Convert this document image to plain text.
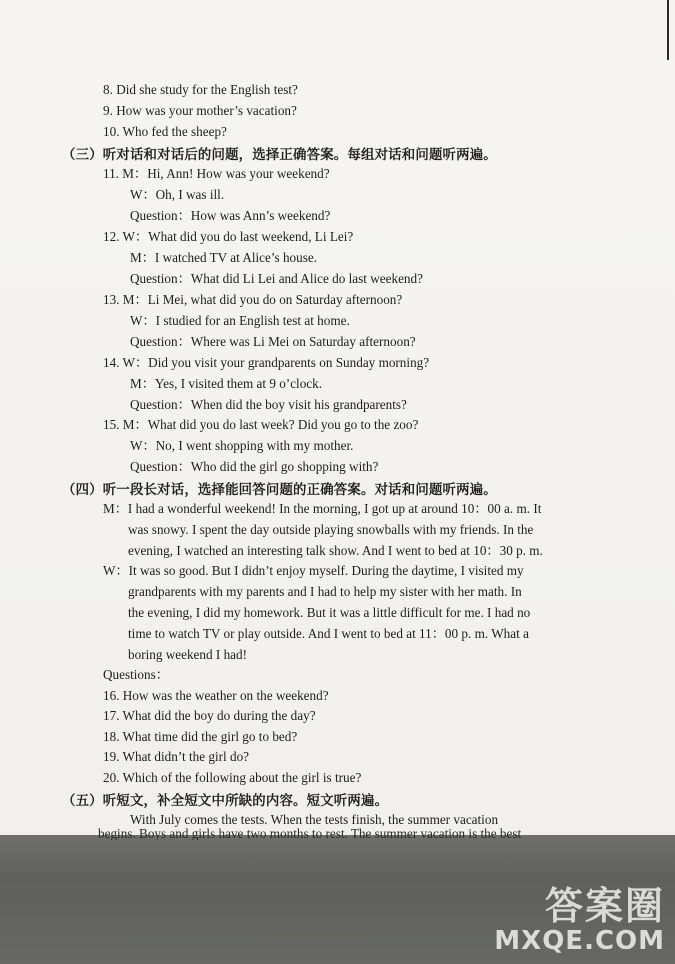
8. Did she study for the English test?
9. How was your mother’s vacation?
10. Who fed the sheep?
（三）听对话和对话后的问题，选择正确答案。每组对话和问题听两遍。
11. M：Hi, Ann! How was your weekend?
W：Oh, I was ill.
Question：How was Ann’s weekend?
12. W：What did you do last weekend, Li Lei?
M：I watched TV at Alice’s house.
Question：What did Li Lei and Alice do last weekend?
13. M：Li Mei, what did you do on Saturday afternoon?
W：I studied for an English test at home.
Question：Where was Li Mei on Saturday afternoon?
14. W：Did you visit your grandparents on Sunday morning?
M：Yes, I visited them at 9 o’clock.
Question：When did the boy visit his grandparents?
15. M：What did you do last week? Did you go to the zoo?
W：No, I went shopping with my mother.
Question：Who did the girl go shopping with?
（四）听一段长对话，选择能回答问题的正确答案。对话和问题听两遍。
M：I had a wonderful weekend! In the morning, I got up at around 10：00 a. m. It
was snowy. I spent the day outside playing snowballs with my friends. In the
evening, I watched an interesting talk show. And I went to bed at 10：30 p. m.
W：It was so good. But I didn’t enjoy myself. During the daytime, I visited my
grandparents with my parents and I had to help my sister with her math. In
the evening, I did my homework. But it was a little difficult for me. I had no
time to watch TV or play outside. And I went to bed at 11：00 p. m. What a
boring weekend I had!
Questions：
16. How was the weather on the weekend?
17. What did the boy do during the day?
18. What time did the girl go to bed?
19. What didn’t the girl do?
20. Which of the following about the girl is true?
（五）听短文，补全短文中所缺的内容。短文听两遍。
With July comes the tests. When the tests finish, the summer vacation
begins. Boys and girls have two months to rest. The summer vacation is the best
答案圈
MXQE.COM
